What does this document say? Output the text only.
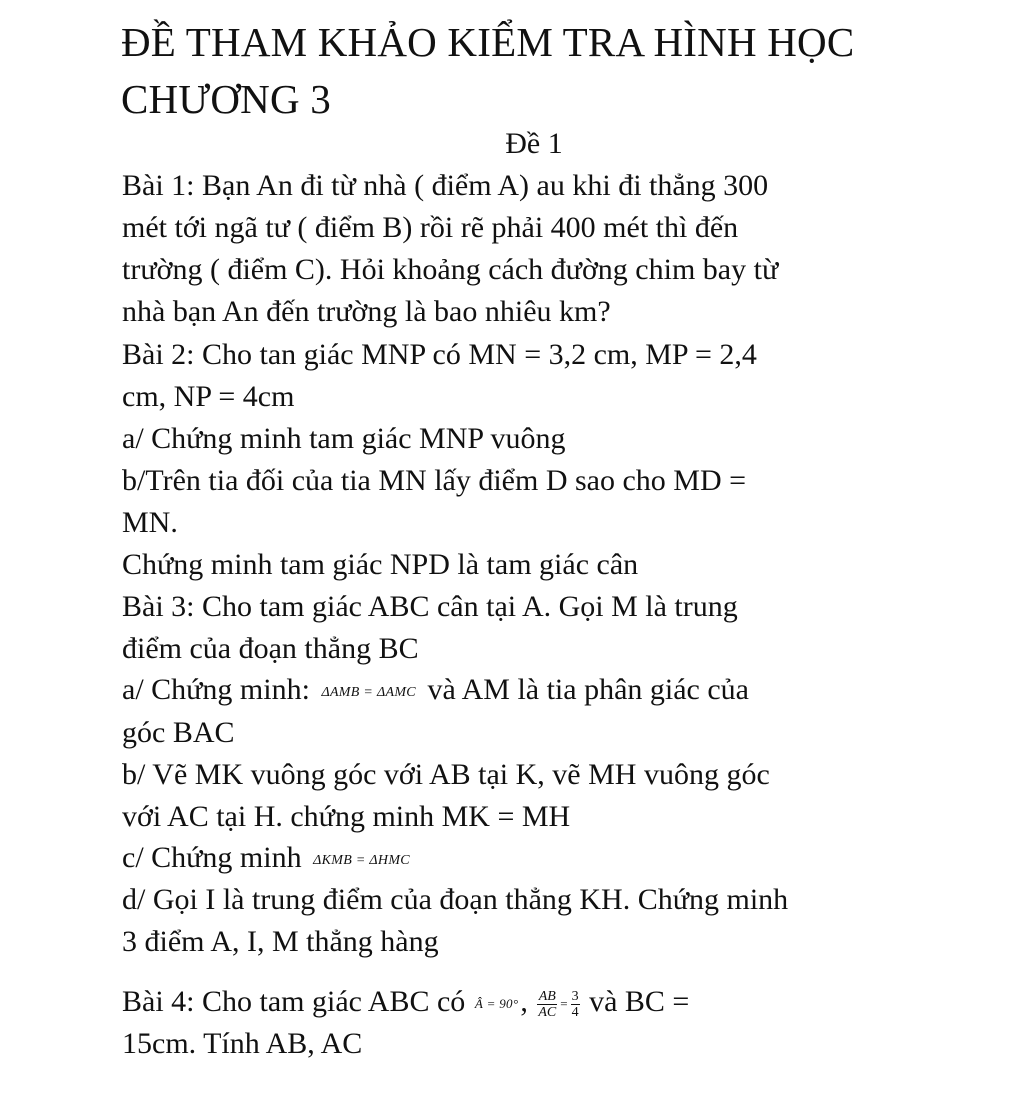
ĐỀ THAM KHẢO KIỂM TRA HÌNH HỌC CHƯƠNG 3
Đề 1
Bài 1: Bạn An đi từ nhà ( điểm A) au khi đi thẳng 300
mét tới ngã tư ( điểm B) rồi rẽ phải 400 mét thì đến
trường ( điểm C). Hỏi khoảng cách đường chim bay từ
nhà bạn An đến trường là bao nhiêu km?
Bài 2: Cho tan giác MNP có MN = 3,2 cm, MP = 2,4
cm, NP = 4cm
a/ Chứng minh tam giác MNP vuông
b/Trên tia đối của tia MN lấy điểm D sao cho MD =
MN.
Chứng minh tam giác NPD là tam giác cân
Bài 3: Cho tam giác ABC cân tại A. Gọi M là trung
điểm của đoạn thẳng BC
a/ Chứng minh: ΔAMB = ΔAMC và AM là tia phân giác của
góc BAC
b/ Vẽ MK vuông góc với AB tại K, vẽ MH vuông góc
với AC tại H. chứng minh MK = MH
c/ Chứng minh ΔKMB = ΔHMC
d/ Gọi I là trung điểm của đoạn thẳng KH. Chứng minh
3 điểm A, I, M thẳng hàng
Bài 4: Cho tam giác ABC có Â = 90°, $\frac{AB}{AC} = \frac{3}{4}$ và BC =
15cm. Tính AB, AC
